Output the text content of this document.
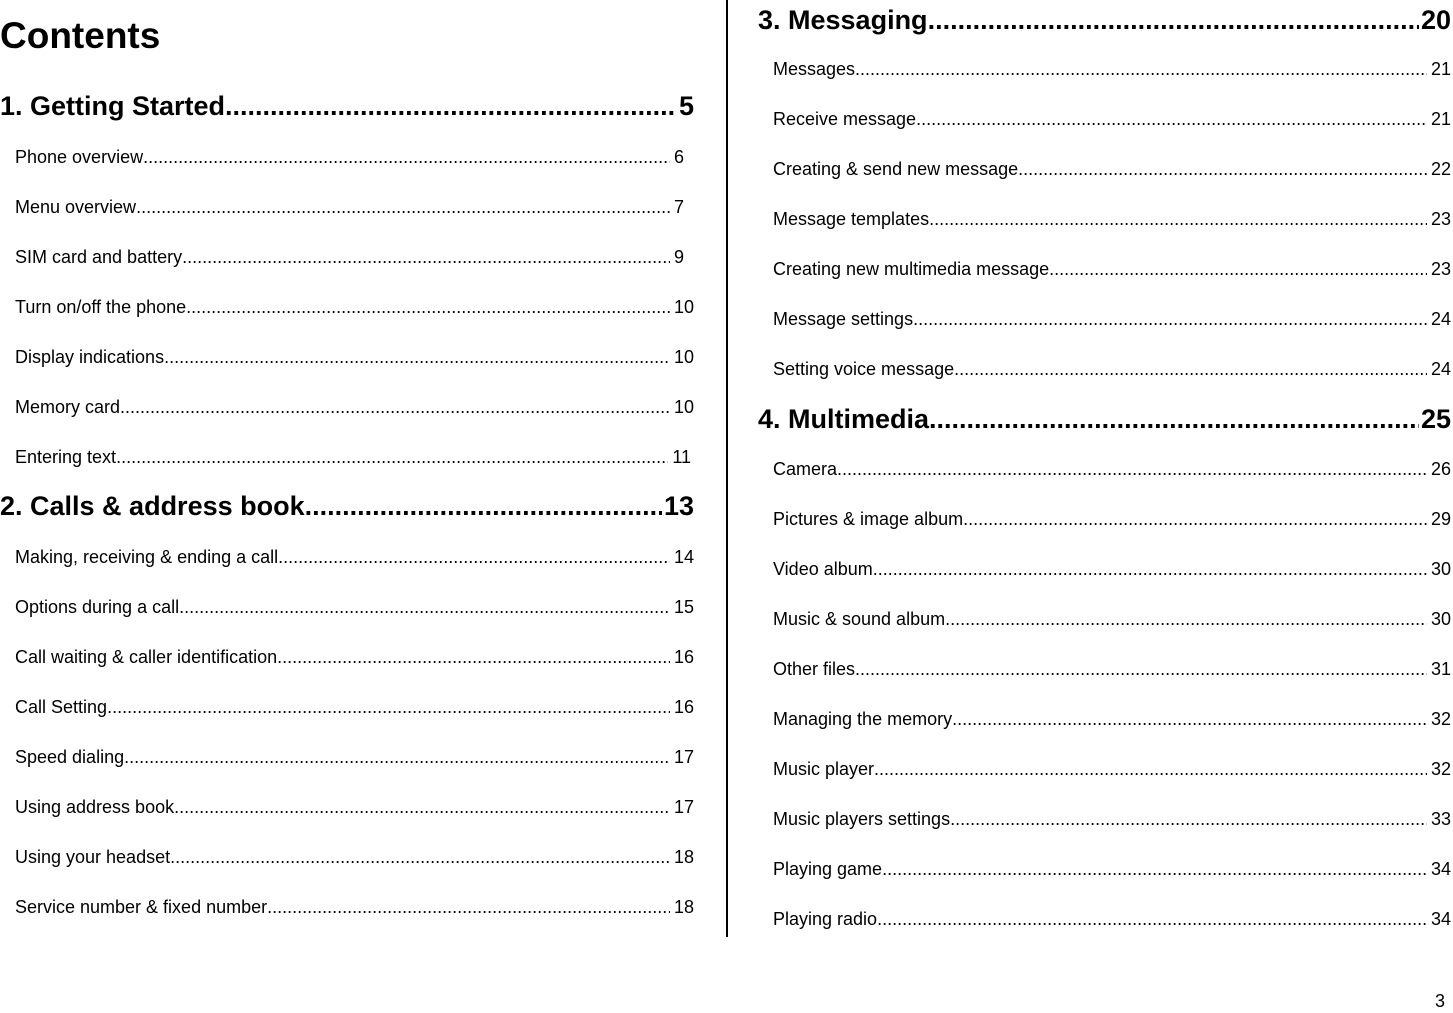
Contents
1. Getting Started .....	5
Phone overview .....	6
Menu overview .....	7
SIM card and battery .....	9
Turn on/off the phone .....	10
Display indications .....	10
Memory card .....	10
Entering text .....	11
2. Calls & address book .....	13
Making, receiving & ending a call .....	14
Options during a call .....	15
Call waiting & caller identification .....	16
Call Setting .....	16
Speed dialing .....	17
Using address book .....	17
Using your headset .....	18
Service number & fixed number .....	18
3. Messaging .....	20
Messages .....	21
Receive message .....	21
Creating & send new message .....	22
Message templates .....	23
Creating new multimedia message .....	23
Message settings .....	24
Setting voice message .....	24
4. Multimedia .....	25
Camera .....	26
Pictures & image album .....	29
Video album .....	30
Music & sound album .....	30
Other files .....	31
Managing the memory .....	32
Music player .....	32
Music players settings .....	33
Playing game .....	34
Playing radio .....	34
3
